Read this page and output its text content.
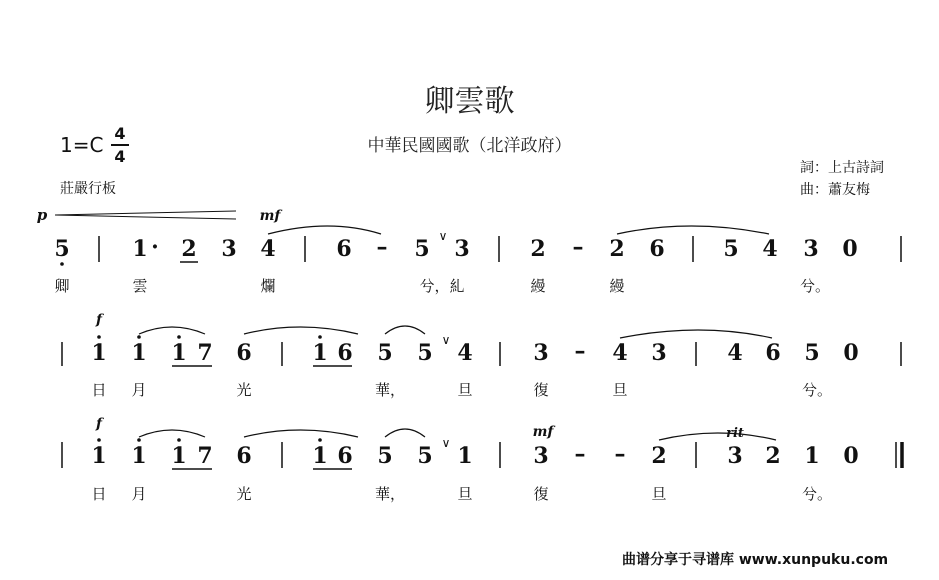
卿雲歌
中華民國國歌（北洋政府）
1=C 4
4
莊嚴行板
詞：上古詩詞
曲：蕭友梅
p	mf
5	1 · 2 3 4	6 – 5 ∨ 3	2 – 2 6	5 4 3 0
f
1 1 1 7 6	1 6 5 5 ∨ 4	3 – 4 3	4 6 5 0
f	mf
1 1 1 7 6	1 6 5 5 ∨ 1	3 – – 2
rit
3 2 1 0
卿	雲	爛	兮，糺	縵	縵	兮。
日 月	光	華，	旦	復	旦	兮。
日 月	光	華，	旦	復	旦	兮。
曲谱分享于寻谱库 www.xunpuku.com
